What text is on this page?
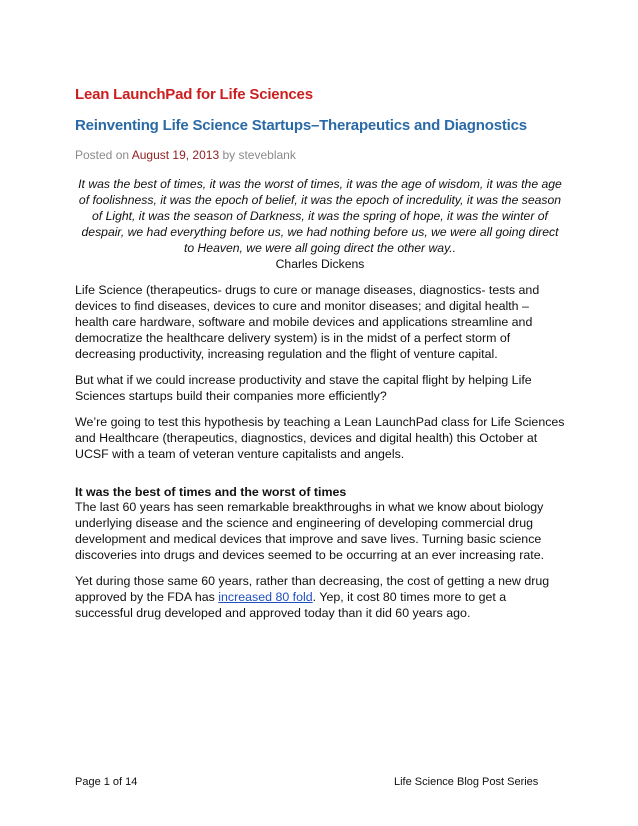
Lean LaunchPad for Life Sciences
Reinventing Life Science Startups–Therapeutics and Diagnostics
Posted on August 19, 2013 by steveblank
It was the best of times, it was the worst of times, it was the age of wisdom, it was the age of foolishness, it was the epoch of belief, it was the epoch of incredulity, it was the season of Light, it was the season of Darkness, it was the spring of hope, it was the winter of despair, we had everything before us, we had nothing before us, we were all going direct to Heaven, we were all going direct the other way..
Charles Dickens

Life Science (therapeutics- drugs to cure or manage diseases, diagnostics- tests and devices to find diseases, devices to cure and monitor diseases; and digital health – health care hardware, software and mobile devices and applications streamline and democratize the healthcare delivery system) is in the midst of a perfect storm of decreasing productivity, increasing regulation and the flight of venture capital.

But what if we could increase productivity and stave the capital flight by helping Life Sciences startups build their companies more efficiently?

We’re going to test this hypothesis by teaching a Lean LaunchPad class for Life Sciences and Healthcare (therapeutics, diagnostics, devices and digital health) this October at UCSF with a team of veteran venture capitalists and angels.

It was the best of times and the worst of times

The last 60 years has seen remarkable breakthroughs in what we know about biology underlying disease and the science and engineering of developing commercial drug development and medical devices that improve and save lives. Turning basic science discoveries into drugs and devices seemed to be occurring at an ever increasing rate.

Yet during those same 60 years, rather than decreasing, the cost of getting a new drug approved by the FDA has increased 80 fold. Yep, it cost 80 times more to get a successful drug developed and approved today than it did 60 years ago.

Page 1 of 14	Life Science Blog Post Series
